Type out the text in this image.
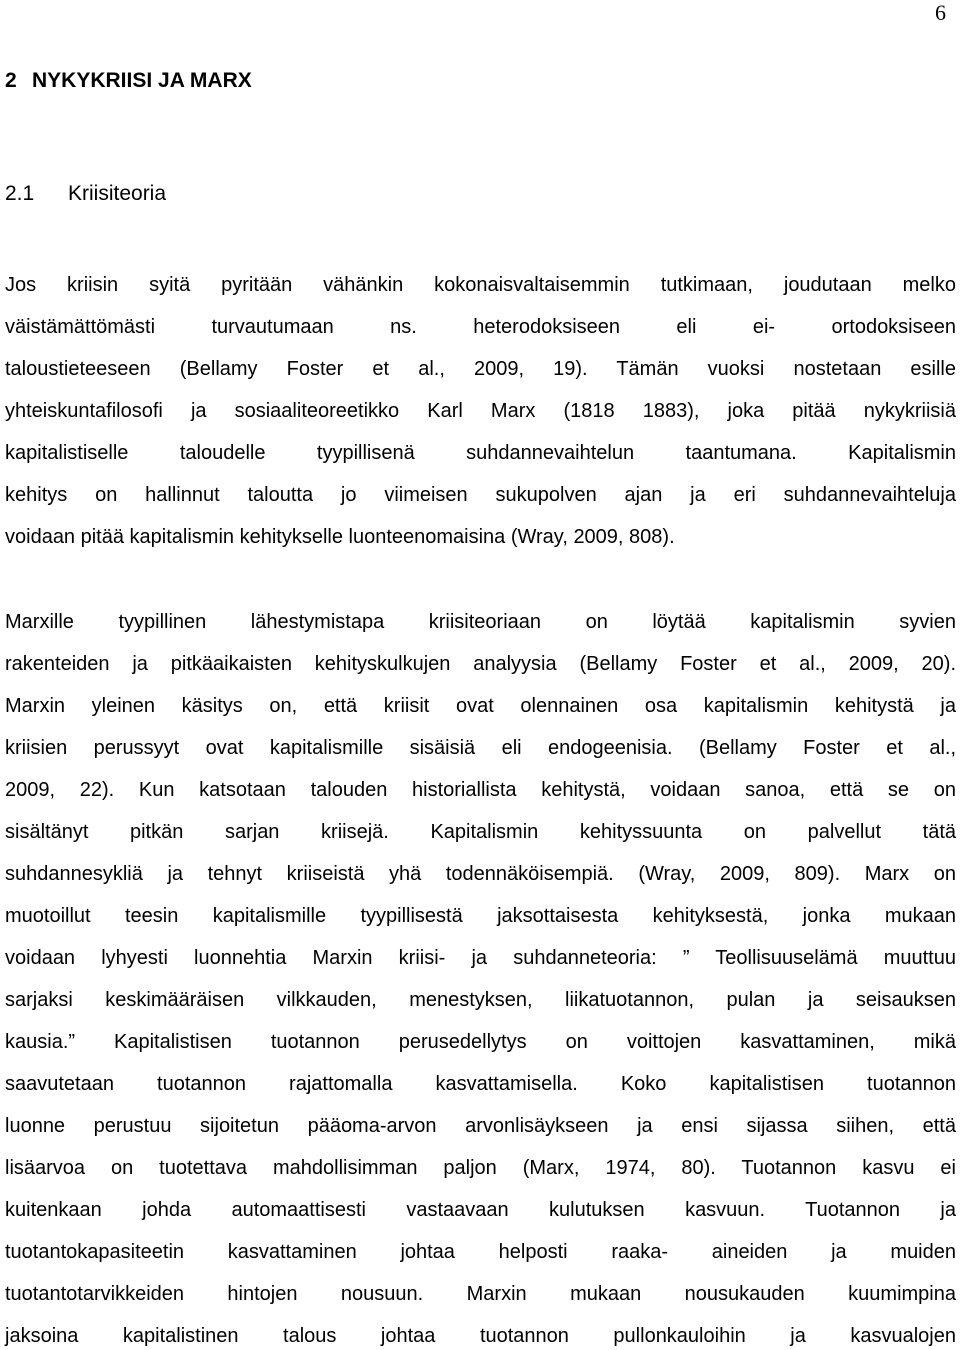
6
2 NYKYKRIISI JA MARX
2.1 Kriisiteoria
Jos kriisin syitä pyritään vähänkin kokonaisvaltaisemmin tutkimaan, joudutaan melko
väistämättömästi turvautumaan ns. heterodoksiseen eli ei- ortodoksiseen
taloustieteeseen (Bellamy Foster et al., 2009, 19). Tämän vuoksi nostetaan esille
yhteiskuntafilosofi ja sosiaaliteoreetikko Karl Marx (1818 1883), joka pitää nykykriisiä
kapitalistiselle taloudelle tyypillisenä suhdannevaihtelun taantumana. Kapitalismin
kehitys on hallinnut taloutta jo viimeisen sukupolven ajan ja eri suhdannevaihteluja
voidaan pitää kapitalismin kehitykselle luonteenomaisina (Wray, 2009, 808).
Marxille tyypillinen lähestymistapa kriisiteoriaan on löytää kapitalismin syvien
rakenteiden ja pitkäaikaisten kehityskulkujen analyysia (Bellamy Foster et al., 2009, 20).
Marxin yleinen käsitys on, että kriisit ovat olennainen osa kapitalismin kehitystä ja
kriisien perussyyt ovat kapitalismille sisäisiä eli endogeenisia. (Bellamy Foster et al.,
2009, 22). Kun katsotaan talouden historiallista kehitystä, voidaan sanoa, että se on
sisältänyt pitkän sarjan kriisejä. Kapitalismin kehityssuunta on palvellut tätä
suhdannesykliä ja tehnyt kriiseistä yhä todennäköisempiä. (Wray, 2009, 809). Marx on
muotoillut teesin kapitalismille tyypillisestä jaksottaisesta kehityksestä, jonka mukaan
voidaan lyhyesti luonnehtia Marxin kriisi- ja suhdanneteoria: ” Teollisuuselämä muuttuu
sarjaksi keskimääräisen vilkkauden, menestyksen, liikatuotannon, pulan ja seisauksen
kausia.” Kapitalistisen tuotannon perusedellytys on voittojen kasvattaminen, mikä
saavutetaan tuotannon rajattomalla kasvattamisella. Koko kapitalistisen tuotannon
luonne perustuu sijoitetun pääoma-arvon arvonlisäykseen ja ensi sijassa siihen, että
lisäarvoa on tuotettava mahdollisimman paljon (Marx, 1974, 80). Tuotannon kasvu ei
kuitenkaan johda automaattisesti vastaavaan kulutuksen kasvuun. Tuotannon ja
tuotantokapasiteetin kasvattaminen johtaa helposti raaka- aineiden ja muiden
tuotantotarvikkeiden hintojen nousuun. Marxin mukaan nousukauden kuumimpina
jaksoina kapitalistinen talous johtaa tuotannon pullonkauloihin ja kasvualojen
